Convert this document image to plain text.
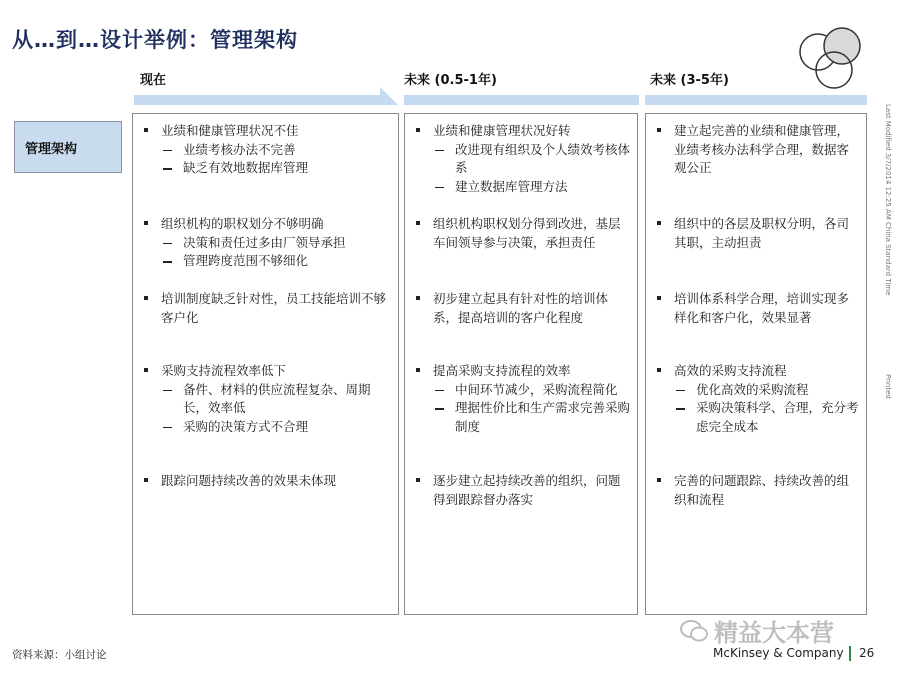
从…到…设计举例：管理架构
现在	未来 (0.5-1年)	未来 (3-5年)
管理架构
业绩和健康管理状况不佳
业绩考核办法不完善
缺乏有效地数据库管理
组织机构的职权划分不够明确
决策和责任过多由厂领导承担
管理跨度范围不够细化
培训制度缺乏针对性，员工技能培训不够客户化
采购支持流程效率低下
备件、材料的供应流程复杂、周期长，效率低
采购的决策方式不合理
跟踪问题持续改善的效果未体现
业绩和健康管理状况好转
改进现有组织及个人绩效考核体系
建立数据库管理方法
组织机构职权划分得到改进，基层车间领导参与决策，承担责任
初步建立起具有针对性的培训体系，提高培训的客户化程度
提高采购支持流程的效率
中间环节减少，采购流程简化
理据性价比和生产需求完善采购制度
逐步建立起持续改善的组织，问题得到跟踪督办落实
建立起完善的业绩和健康管理，业绩考核办法科学合理，数据客观公正
组织中的各层及职权分明，各司其职，主动担责
培训体系科学合理，培训实现多样化和客户化，效果显著
高效的采购支持流程
优化高效的采购流程
采购决策科学、合理，充分考虑完全成本
完善的问题跟踪、持续改善的组织和流程
Last Modified 3/7/2014 12:25 AM China Standard Time
Printed
资料来源：小组讨论
精益大本营
McKinsey & Company 26
